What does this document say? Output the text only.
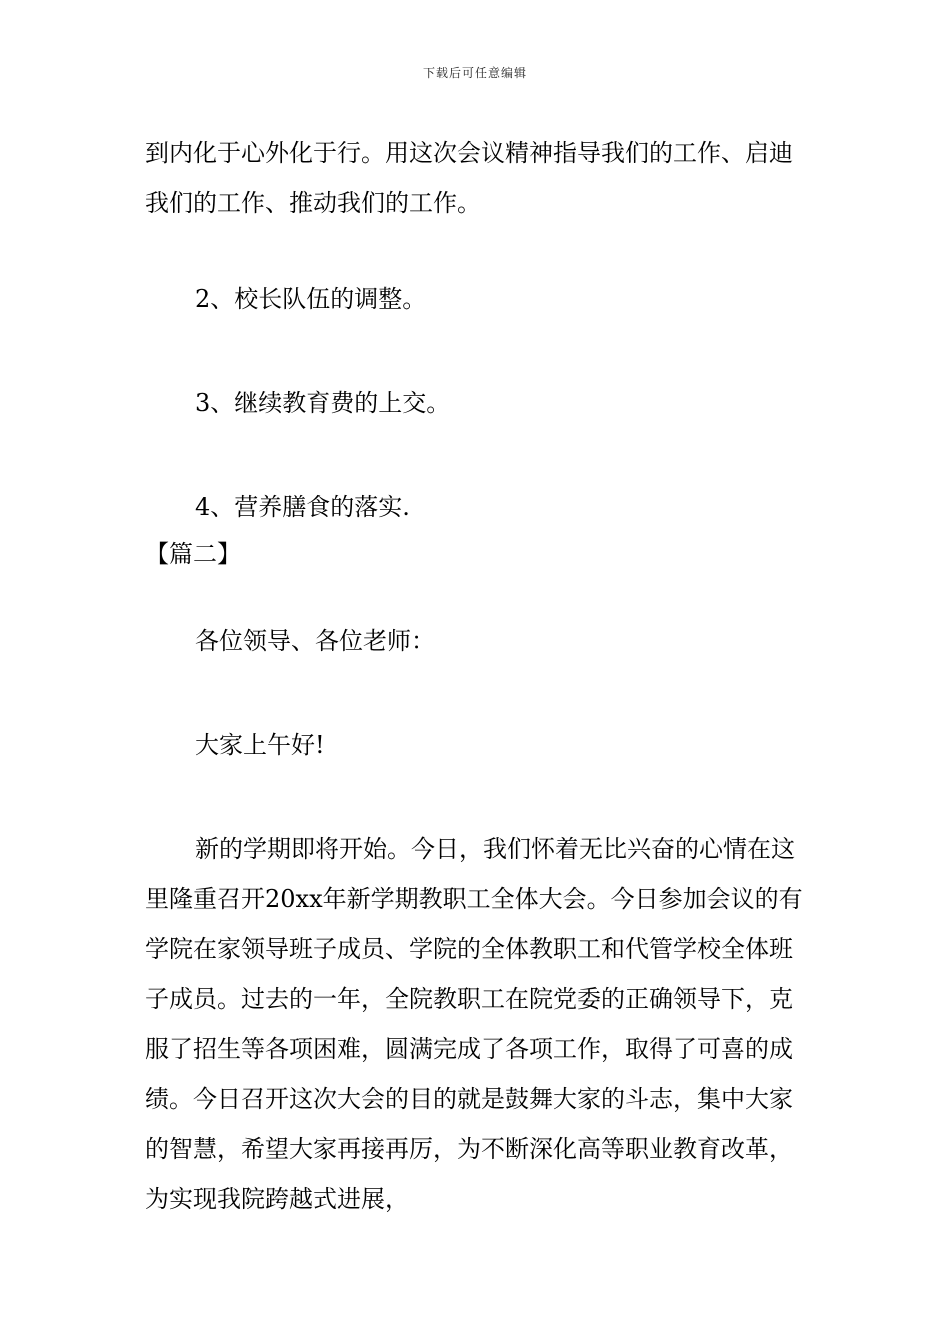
下载后可任意编辑

到内化于心外化于行。用这次会议精神指导我们的工作、启迪我们的工作、推动我们的工作。

2、校长队伍的调整。

3、继续教育费的上交。

4、营养膳食的落实.

【篇二】

各位领导、各位老师：

大家上午好!

新的学期即将开始。今日，我们怀着无比兴奋的心情在这里隆重召开20xx年新学期教职工全体大会。今日参加会议的有学院在家领导班子成员、学院的全体教职工和代管学校全体班子成员。过去的一年，全院教职工在院党委的正确领导下，克服了招生等各项困难，圆满完成了各项工作，取得了可喜的成绩。今日召开这次大会的目的就是鼓舞大家的斗志，集中大家的智慧，希望大家再接再厉，为不断深化高等职业教育改革，为实现我院跨越式进展，
